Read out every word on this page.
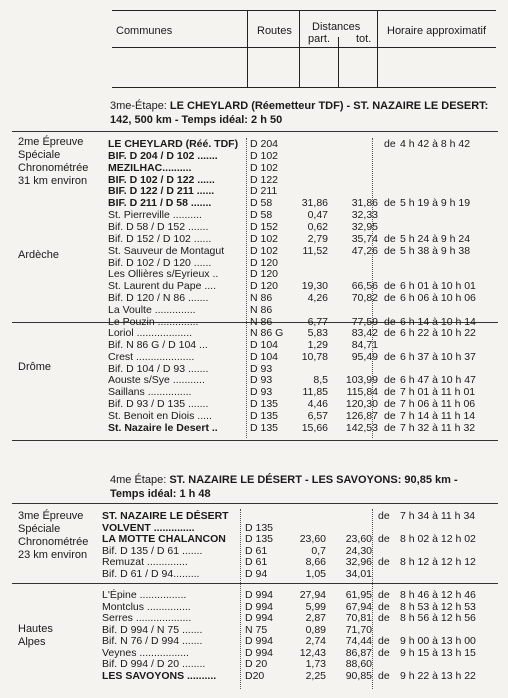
Communes	Routes Distances
part. tot.
Horaire approximatif
3me-Étape: LE CHEYLARD (Réemetteur TDF) - ST. NAZAIRE LE DESERT:
142, 500 km - Temps idéal: 2 h 50
2me Épreuve
Spéciale
Chronométrée
31 km environ
Ardèche
Drôme
LE CHEYLARD (Réé. TDF) D 204	de 4 h 42 à 8 h 42
BIF. D 204 / D 102 .......	D 102
MEZILHAC..........	D 102
BIF. D 102 / D 122 ......	D 122
BIF. D 122 / D 211 ......	D 211
BIF. D 211 / D 58 .......	D 58	31,86	31,86 de 5 h 19 à 9 h 19
St. Pierreville ..........	D 58	0,47	32,33
Bif. D 58 / D 152 .......	D 152	0,62	32,95
Bif. D 152 / D 102 ......	D 102	2,79	35,74 de 5 h 24 à 9 h 24
St. Sauveur de Montagut D 102	11,52	47,26 de 5 h 38 à 9 h 38
Bif. D 102 / D 120 ......	D 120
Les Ollières s/Eyrieux ..	D 120
St. Laurent du Pape ....	D 120	19,30	66,56 de 6 h 01 à 10 h 01
Bif. D 120 / N 86 .......	N 86	4,26	70,82 de 6 h 06 à 10 h 06
La Voulte ..............	N 86
Le Pouzin ..............	N 86	6,77	77,59 de 6 h 14 à 10 h 14
Loriol ...................	N 86 G	5,83	83,42 de 6 h 22 à 10 h 22
Bif. N 86 G / D 104 ...	D 104	1,29	84,71
Crest ....................	D 104	10,78	95,49 de 6 h 37 à 10 h 37
Bif. D 104 / D 93 .......	D 93
Aouste s/Sye ...........	D 93	8,5	103,99 de 6 h 47 à 10 h 47
Saillans ...............	D 93	11,85	115,84 de 7 h 01 à 11 h 01
Bif. D 93 / D 135 .......	D 135	4,46	120,30 de 7 h 06 à 11 h 06
St. Benoit en Diois .....	D 135	6,57	126,87 de 7 h 14 à 11 h 14
St. Nazaire le Desert ..	D 135	15,66	142,53 de 7 h 32 à 11 h 32
4me Étape: ST. NAZAIRE LE DÉSERT - LES SAVOYONS: 90,85 km -
Temps idéal: 1 h 48
3me Épreuve
Spéciale
Chronométrée
23 km environ
Hautes
Alpes
ST. NAZAIRE LE DÉSERT	de 7 h 34 à 11 h 34
VOLVENT ..............	D 135
LA MOTTE CHALANCON D 135	23,60	23,60 de 8 h 02 à 12 h 02
Bif. D 135 / D 61 .......	D 61	0,7	24,30
Remuzat ..............	D 61	8,66	32,96 de 8 h 12 à 12 h 12
Bif. D 61 / D 94.........	D 94	1,05	34,01
L'Épine ................	D 994	27,94	61,95 de 8 h 46 à 12 h 46
Montclus ...............	D 994	5,99	67,94 de 8 h 53 à 12 h 53
Serres ...................	D 994	2,87	70,81 de 8 h 56 à 12 h 56
Bif. D 994 / N 75 .......	N 75	0,89	71,70
Bif. N 76 / D 994 .......	D 994	2,74	74,44 de 9 h 00 à 13 h 00
Veynes .................	D 994	12,43	86,87 de 9 h 15 à 13 h 15
Bif. D 994 / D 20 ........	D 20	1,73	88,60
LES SAVOYONS ..........	D20	2,25	90,85 de 9 h 22 à 13 h 22
